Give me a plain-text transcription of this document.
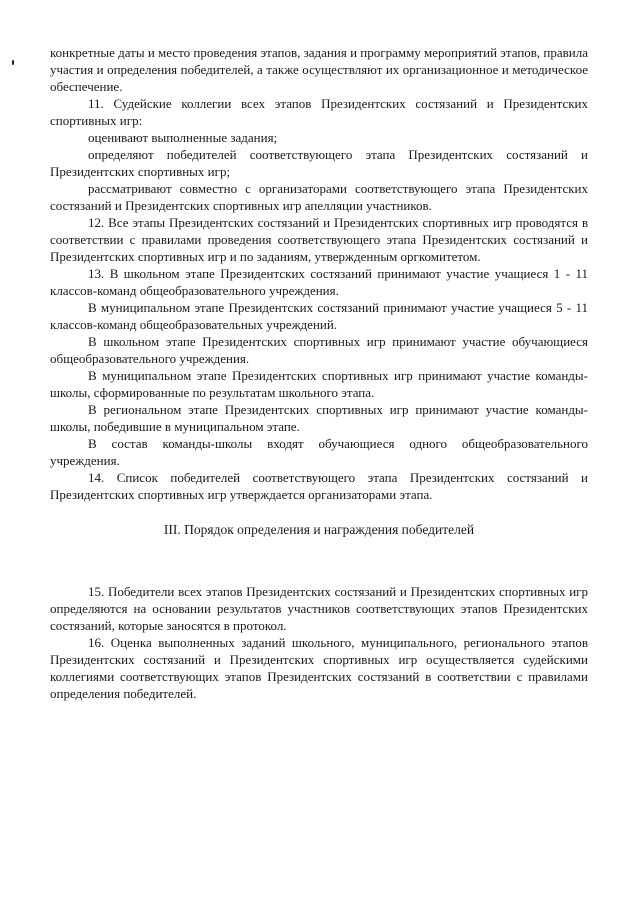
конкретные даты и место проведения этапов, задания и программу мероприятий этапов, правила участия и определения победителей, а также осуществляют их организационное и методическое обеспечение.

11. Судейские коллегии всех этапов Президентских состязаний и Президентских спортивных игр:

оценивают выполненные задания;

определяют победителей соответствующего этапа Президентских состязаний и Президентских спортивных игр;

рассматривают совместно с организаторами соответствующего этапа Президентских состязаний и Президентских спортивных игр апелляции участников.

12. Все этапы Президентских состязаний и Президентских спортивных игр проводятся в соответствии с правилами проведения соответствующего этапа Президентских состязаний и Президентских спортивных игр и по заданиям, утвержденным оргкомитетом.

13. В школьном этапе Президентских состязаний принимают участие учащиеся 1 - 11 классов-команд общеобразовательного учреждения.

В муниципальном этапе Президентских состязаний принимают участие учащиеся 5 - 11 классов-команд общеобразовательных учреждений.

В школьном этапе Президентских спортивных игр принимают участие обучающиеся общеобразовательного учреждения.

В муниципальном этапе Президентских спортивных игр принимают участие команды-школы, сформированные по результатам школьного этапа.

В региональном этапе Президентских спортивных игр принимают участие команды-школы, победившие в муниципальном этапе.

В состав команды-школы входят обучающиеся одного общеобразовательного учреждения.

14. Список победителей соответствующего этапа Президентских состязаний и Президентских спортивных игр утверждается организаторами этапа.

III. Порядок определения и награждения победителей

15. Победители всех этапов Президентских состязаний и Президентских спортивных игр определяются на основании результатов участников соответствующих этапов Президентских состязаний, которые заносятся в протокол.

16. Оценка выполненных заданий школьного, муниципального, регионального этапов Президентских состязаний и Президентских спортивных игр осуществляется судейскими коллегиями соответствующих этапов Президентских состязаний в соответствии с правилами определения победителей.
